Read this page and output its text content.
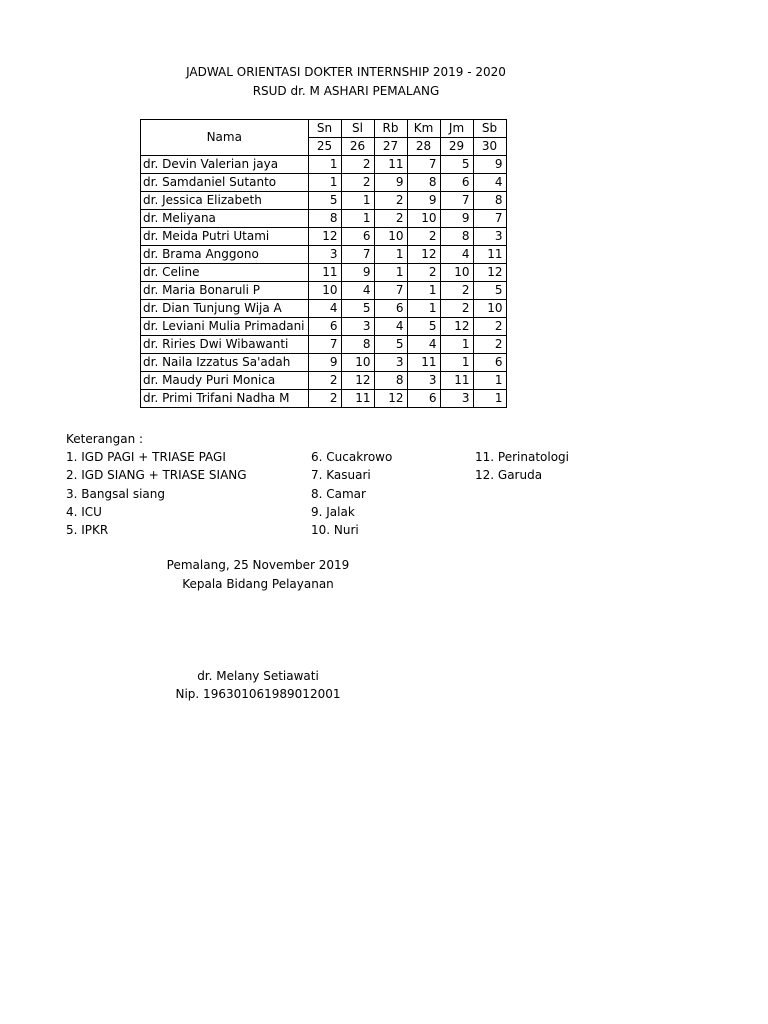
JADWAL ORIENTASI DOKTER INTERNSHIP 2019 - 2020
RSUD dr. M ASHARI PEMALANG
Nama	Sn	Sl	Rb	Km	Jm	Sb
	25	26	27	28	29	30
dr. Devin Valerian jaya	1	2	11	7	5	9
dr. Samdaniel Sutanto	1	2	9	8	6	4
dr. Jessica Elizabeth	5	1	2	9	7	8
dr. Meliyana	8	1	2	10	9	7
dr. Meida Putri Utami	12	6	10	2	8	3
dr. Brama Anggono	3	7	1	12	4	11
dr. Celine	11	9	1	2	10	12
dr. Maria Bonaruli P	10	4	7	1	2	5
dr. Dian Tunjung Wija A	4	5	6	1	2	10
dr. Leviani Mulia Primadani	6	3	4	5	12	2
dr. Riries Dwi Wibawanti	7	8	5	4	1	2
dr. Naila Izzatus Sa'adah	9	10	3	11	1	6
dr. Maudy Puri Monica	2	12	8	3	11	1
dr. Primi Trifani Nadha M	2	11	12	6	3	1
Keterangan :
1. IGD PAGI + TRIASE PAGI
2. IGD SIANG + TRIASE SIANG
3. Bangsal siang
4. ICU
5. IPKR
6. Cucakrowo
7. Kasuari
8. Camar
9. Jalak
10. Nuri
11. Perinatologi
12. Garuda
Pemalang, 25 November 2019
Kepala Bidang Pelayanan
dr. Melany Setiawati
Nip. 196301061989012001
